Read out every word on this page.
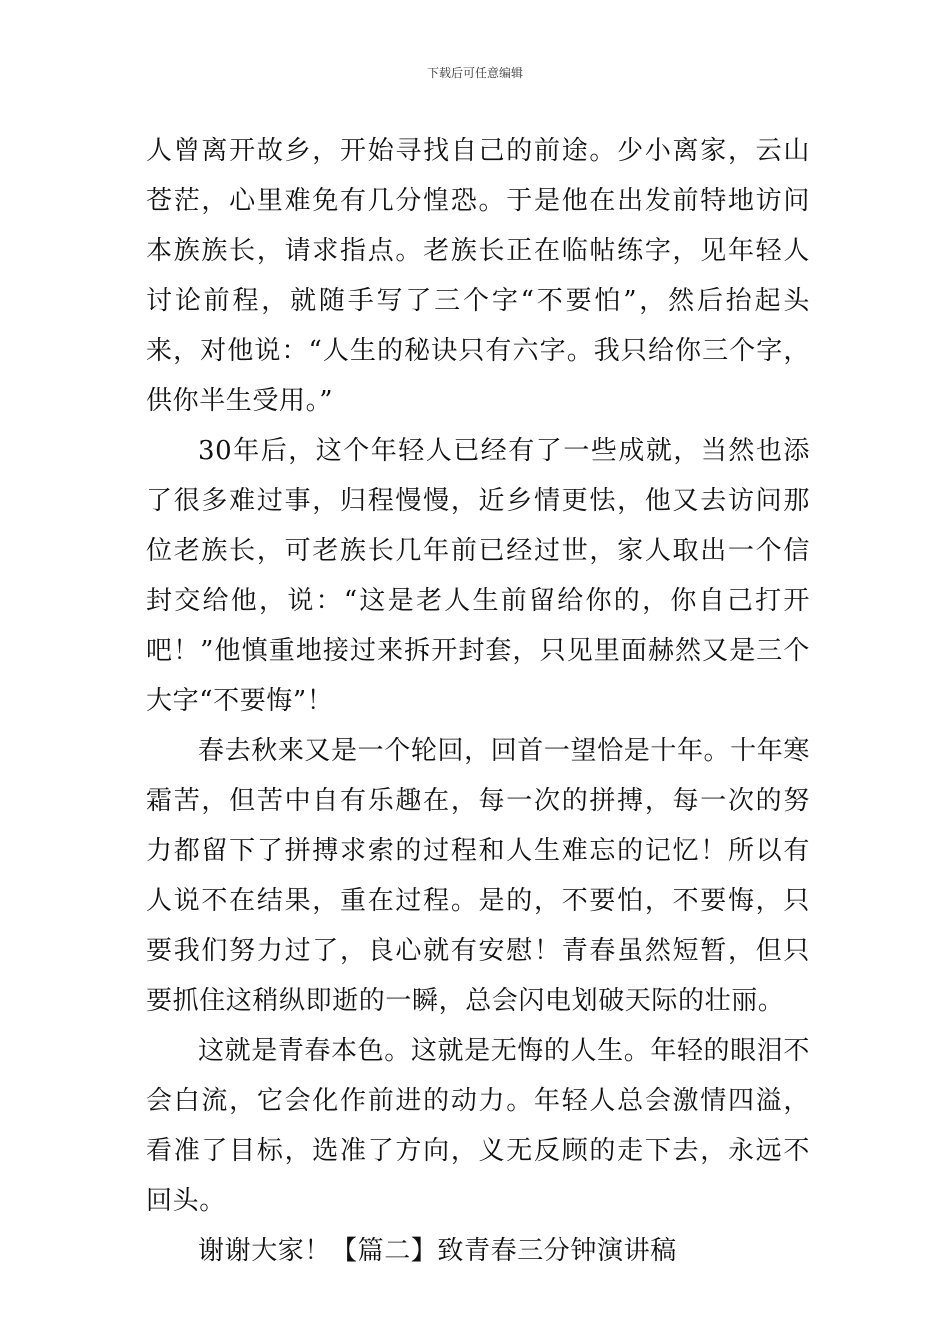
下载后可任意编辑

人曾离开故乡，开始寻找自己的前途。少小离家，云山苍茫，心里难免有几分惶恐。于是他在出发前特地访问本族族长，请求指点。老族长正在临帖练字，见年轻人讨论前程，就随手写了三个字“不要怕”，然后抬起头来，对他说：“人生的秘诀只有六字。我只给你三个字，供你半生受用。”

30年后，这个年轻人已经有了一些成就，当然也添了很多难过事，归程慢慢，近乡情更怯，他又去访问那位老族长，可老族长几年前已经过世，家人取出一个信封交给他，说：“这是老人生前留给你的，你自己打开吧！”他慎重地接过来拆开封套，只见里面赫然又是三个大字“不要悔”！

春去秋来又是一个轮回，回首一望恰是十年。十年寒霜苦，但苦中自有乐趣在，每一次的拼搏，每一次的努力都留下了拼搏求索的过程和人生难忘的记忆！所以有人说不在结果，重在过程。是的，不要怕，不要悔，只要我们努力过了，良心就有安慰！青春虽然短暂，但只要抓住这稍纵即逝的一瞬，总会闪电划破天际的壮丽。

这就是青春本色。这就是无悔的人生。年轻的眼泪不会白流，它会化作前进的动力。年轻人总会激情四溢，看准了目标，选准了方向，义无反顾的走下去，永远不回头。

谢谢大家！【篇二】致青春三分钟演讲稿
